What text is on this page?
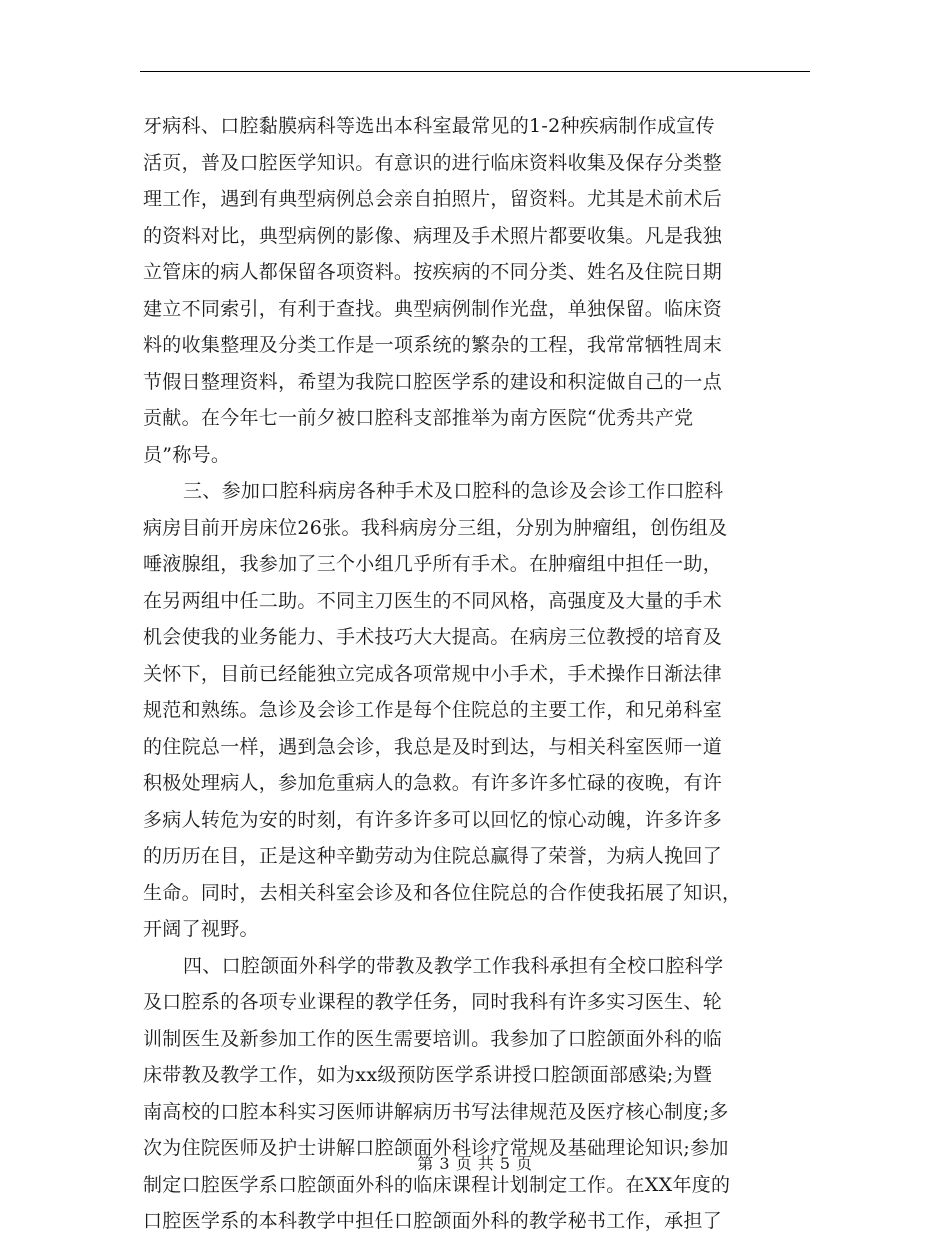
牙病科、口腔黏膜病科等选出本科室最常见的1-2种疾病制作成宣传
活页，普及口腔医学知识。有意识的进行临床资料收集及保存分类整
理工作，遇到有典型病例总会亲自拍照片，留资料。尤其是术前术后
的资料对比，典型病例的影像、病理及手术照片都要收集。凡是我独
立管床的病人都保留各项资料。按疾病的不同分类、姓名及住院日期
建立不同索引，有利于查找。典型病例制作光盘，单独保留。临床资
料的收集整理及分类工作是一项系统的繁杂的工程，我常常牺牲周末
节假日整理资料，希望为我院口腔医学系的建设和积淀做自己的一点
贡献。在今年七一前夕被口腔科支部推举为南方医院“优秀共产党
员”称号。
三、参加口腔科病房各种手术及口腔科的急诊及会诊工作口腔科
病房目前开房床位26张。我科病房分三组，分别为肿瘤组，创伤组及
唾液腺组，我参加了三个小组几乎所有手术。在肿瘤组中担任一助，
在另两组中任二助。不同主刀医生的不同风格，高强度及大量的手术
机会使我的业务能力、手术技巧大大提高。在病房三位教授的培育及
关怀下，目前已经能独立完成各项常规中小手术，手术操作日渐法律
规范和熟练。急诊及会诊工作是每个住院总的主要工作，和兄弟科室
的住院总一样，遇到急会诊，我总是及时到达，与相关科室医师一道
积极处理病人，参加危重病人的急救。有许多许多忙碌的夜晚，有许
多病人转危为安的时刻，有许多许多可以回忆的惊心动魄，许多许多
的历历在目，正是这种辛勤劳动为住院总赢得了荣誉，为病人挽回了
生命。同时，去相关科室会诊及和各位住院总的合作使我拓展了知识，
开阔了视野。
四、口腔颌面外科学的带教及教学工作我科承担有全校口腔科学
及口腔系的各项专业课程的教学任务，同时我科有许多实习医生、轮
训制医生及新参加工作的医生需要培训。我参加了口腔颌面外科的临
床带教及教学工作，如为xx级预防医学系讲授口腔颌面部感染;为暨
南高校的口腔本科实习医师讲解病历书写法律规范及医疗核心制度;多
次为住院医师及护士讲解口腔颌面外科诊疗常规及基础理论知识;参加
制定口腔医学系口腔颌面外科的临床课程计划制定工作。在XX年度的
口腔医学系的本科教学中担任口腔颌面外科的教学秘书工作，承担了
第 3 页 共 5 页
